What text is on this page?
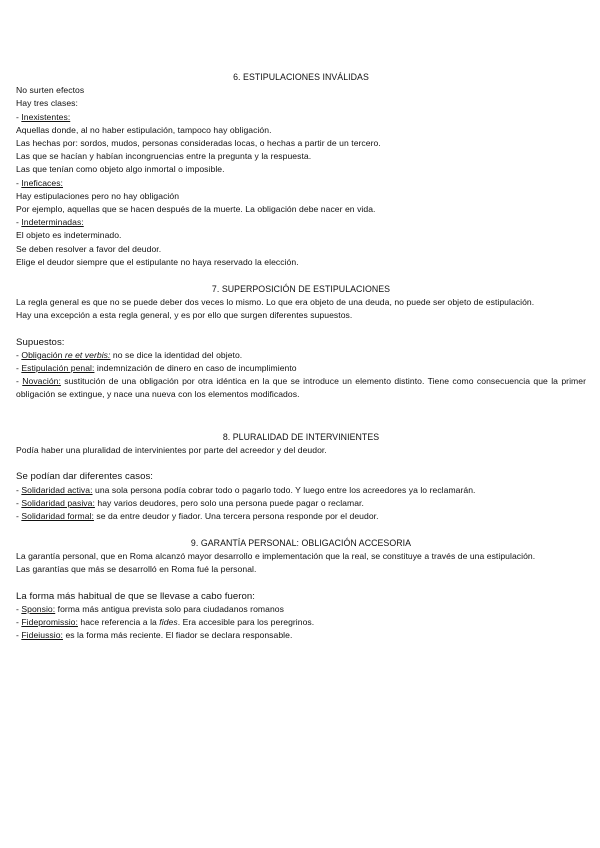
6. ESTIPULACIONES INVÁLIDAS
No surten efectos
Hay tres clases:
- Inexistentes:
Aquellas donde, al no haber estipulación, tampoco hay obligación.
Las hechas por: sordos, mudos, personas consideradas locas, o hechas a partir de un tercero.
Las que se hacían y habían incongruencias entre la pregunta y la respuesta.
Las que tenían como objeto algo inmortal o imposible.
- Ineficaces:
Hay estipulaciones pero no hay obligación
Por ejemplo, aquellas que se hacen después de la muerte. La obligación debe nacer en vida.
- Indeterminadas:
El objeto es indeterminado.
Se deben resolver a favor del deudor.
Elige el deudor siempre que el estipulante no haya reservado la elección.
7. SUPERPOSICIÓN DE ESTIPULACIONES
La regla general es que no se puede deber dos veces lo mismo. Lo que era objeto de una deuda, no puede ser objeto de estipulación.
Hay una excepción a esta regla general, y es por ello que surgen diferentes supuestos.
Supuestos:
- Obligación re et verbis: no se dice la identidad del objeto.
- Estipulación penal: indemnización de dinero en caso de incumplimiento
- Novación: sustitución de una obligación por otra idéntica en la que se introduce un elemento distinto. Tiene como consecuencia que la primer obligación se extingue, y nace una nueva con los elementos modificados.
8. PLURALIDAD DE INTERVINIENTES
Podía haber una pluralidad de intervinientes por parte del acreedor y del deudor.
Se podían dar diferentes casos:
- Solidaridad activa: una sola persona podía cobrar todo o pagarlo todo. Y luego entre los acreedores ya lo reclamarán.
- Solidaridad pasiva: hay varios deudores, pero solo una persona puede pagar o reclamar.
- Solidaridad formal: se da entre deudor y fiador. Una tercera persona responde por el deudor.
9. GARANTÍA PERSONAL: OBLIGACIÓN ACCESORIA
La garantía personal, que en Roma alcanzó mayor desarrollo e implementación que la real, se constituye a través de una estipulación.
Las garantías que más se desarrolló en Roma fué la personal.
La forma más habitual de que se llevase a cabo fueron:
- Sponsio: forma más antigua prevista solo para ciudadanos romanos
- Fidepromissio: hace referencia a la fides. Era accesible para los peregrinos.
- Fideiussio: es la forma más reciente. El fiador se declara responsable.
